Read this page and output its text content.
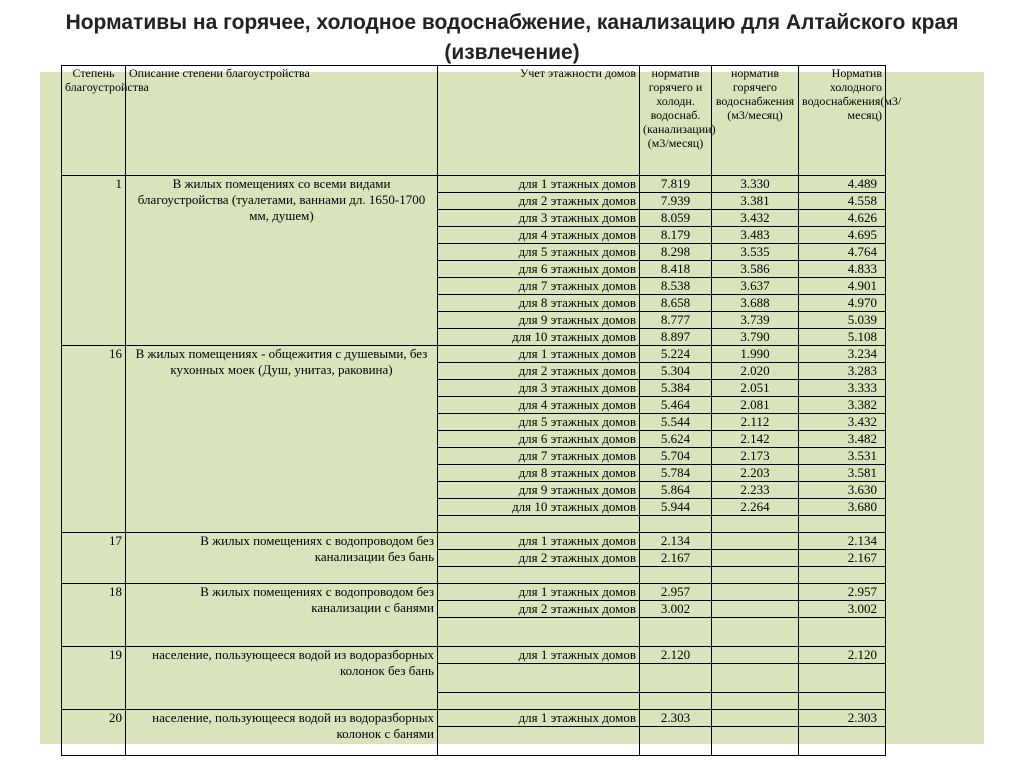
Нормативы на горячее, холодное водоснабжение, канализацию для Алтайского края (извлечение)
Степень благоустройства	Описание степени благоустройства	Учет этажности домов	норматив горячего и холодн. водоснаб. (канализации) (м3/месяц)	норматив горячего водоснабжения (м3/месяц)	Норматив холодного водоснабжения(м3/месяц)
1	В жилых помещениях со всеми видами благоустройства (туалетами, ваннами дл. 1650-1700 мм, душем)	для 1 этажных домов	7.819	3.330	4.489
		для 2 этажных домов	7.939	3.381	4.558
		для 3 этажных домов	8.059	3.432	4.626
		для 4 этажных домов	8.179	3.483	4.695
		для 5 этажных домов	8.298	3.535	4.764
		для 6 этажных домов	8.418	3.586	4.833
		для 7 этажных домов	8.538	3.637	4.901
		для 8 этажных домов	8.658	3.688	4.970
		для 9 этажных домов	8.777	3.739	5.039
		для 10 этажных домов	8.897	3.790	5.108
16	В жилых помещениях - общежития с душевыми, без кухонных моек (Душ, унитаз, раковина)	для 1 этажных домов	5.224	1.990	3.234
		для 2 этажных домов	5.304	2.020	3.283
		для 3 этажных домов	5.384	2.051	3.333
		для 4 этажных домов	5.464	2.081	3.382
		для 5 этажных домов	5.544	2.112	3.432
		для 6 этажных домов	5.624	2.142	3.482
		для 7 этажных домов	5.704	2.173	3.531
		для 8 этажных домов	5.784	2.203	3.581
		для 9 этажных домов	5.864	2.233	3.630
		для 10 этажных домов	5.944	2.264	3.680

17	В жилых помещениях с водопроводом без канализации без бань	для 1 этажных домов	2.134		2.134
		для 2 этажных домов	2.167		2.167

18	В жилых помещениях с водопроводом без канализации с банями	для 1 этажных домов	2.957		2.957
		для 2 этажных домов	3.002		3.002

19	население, пользующееся водой из водоразборных колонок без бань	для 1 этажных домов	2.120		2.120

20	население, пользующееся водой из водоразборных колонок с банями	для 1 этажных домов	2.303		2.303
